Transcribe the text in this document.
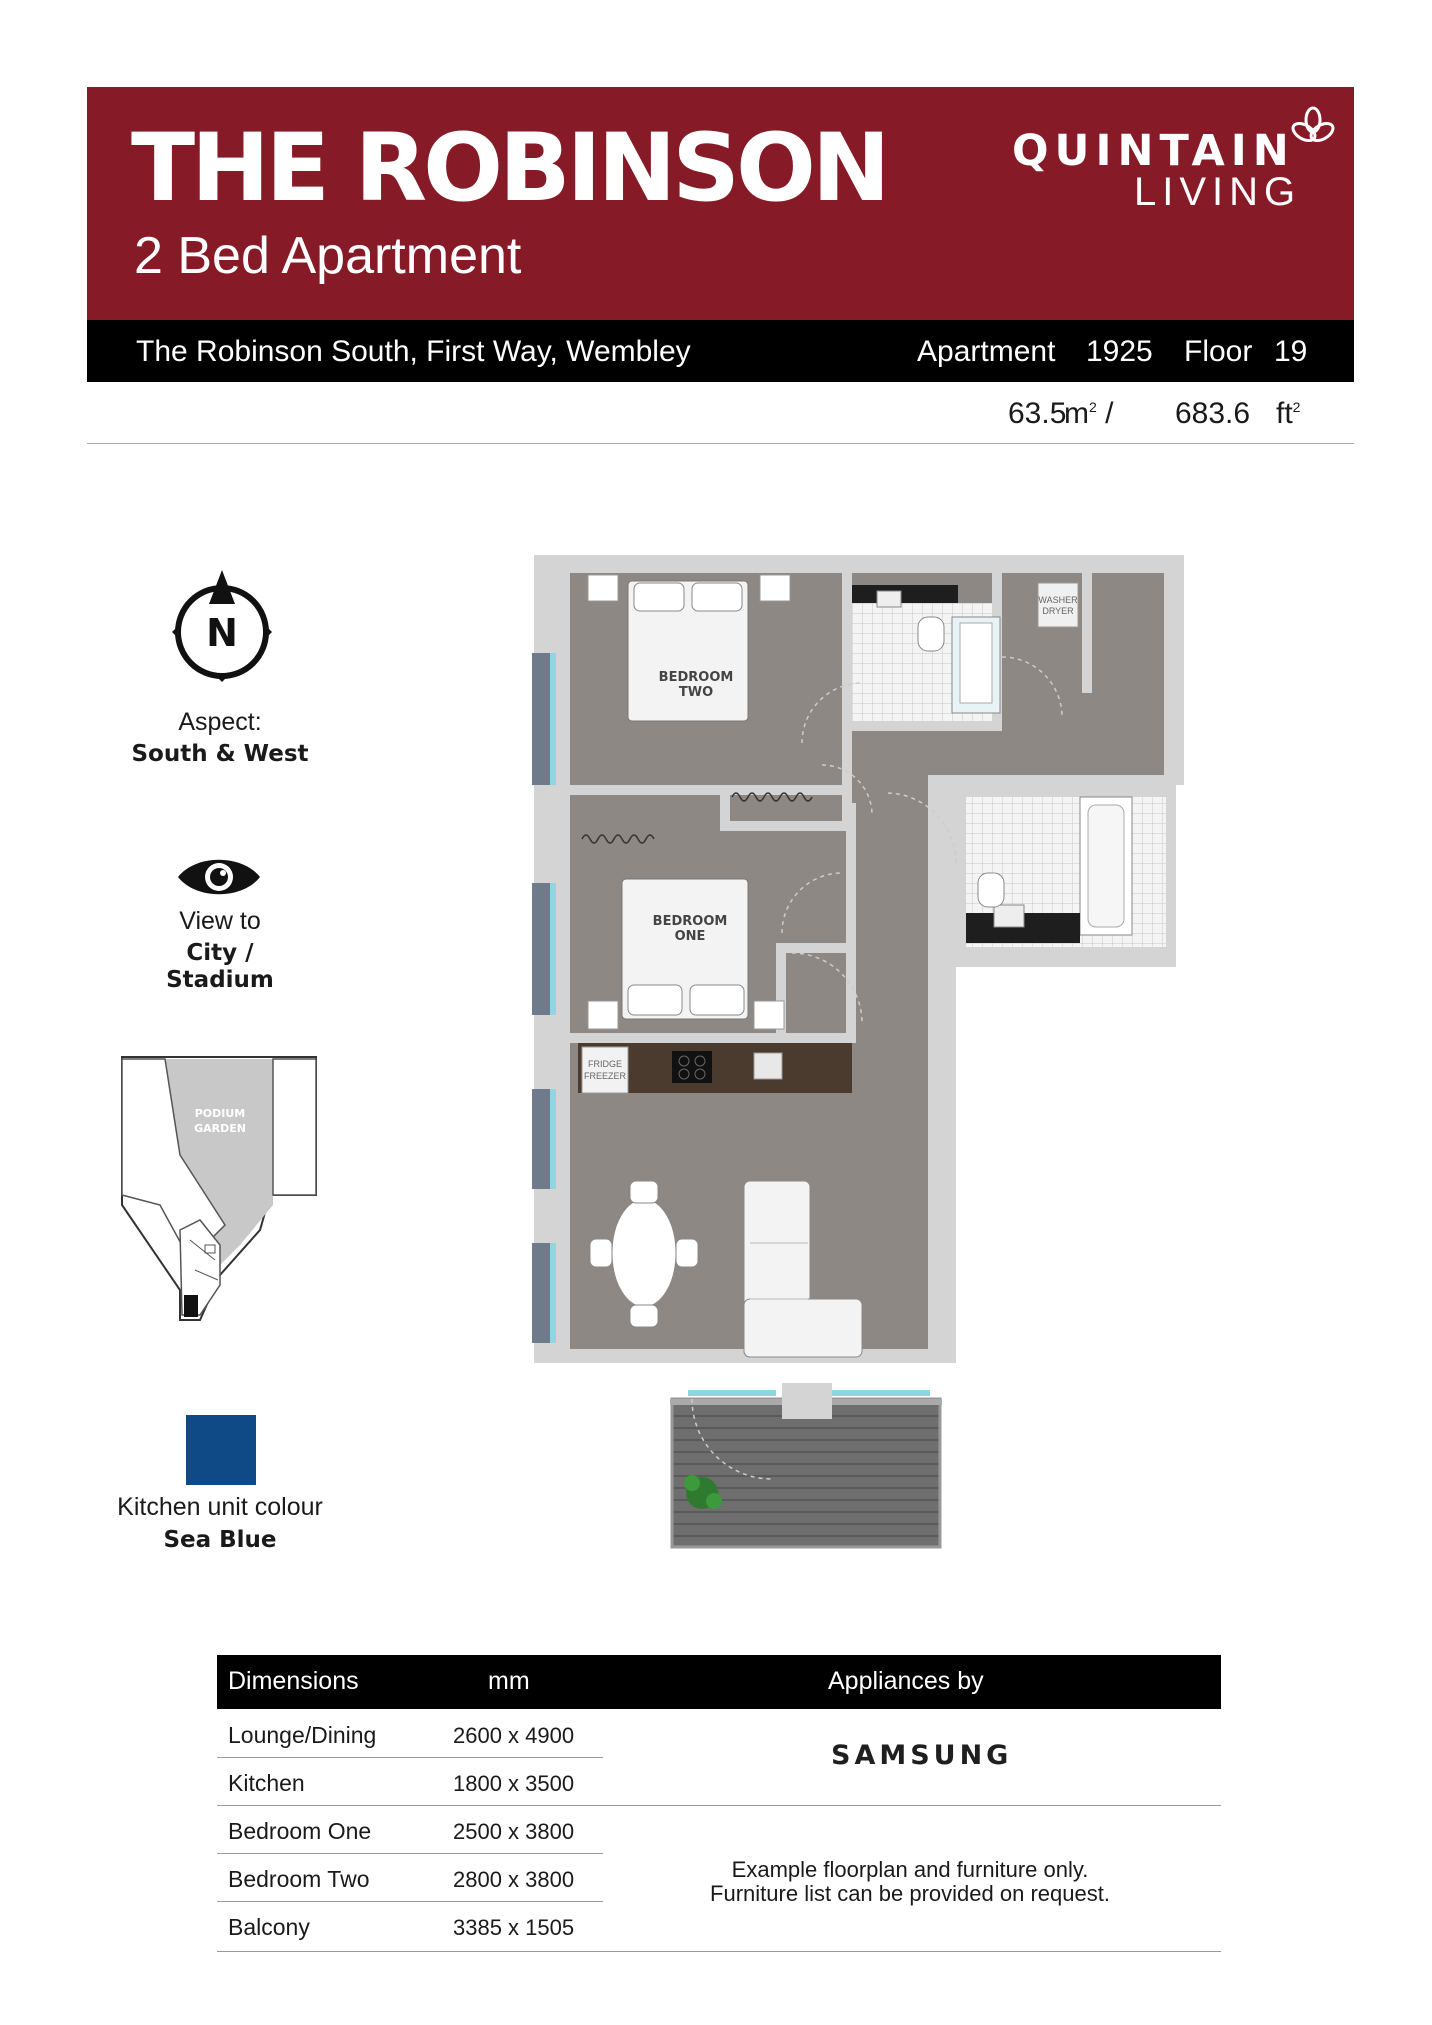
THE ROBINSON
2 Bed Apartment
QUINTAIN
LIVING
The Robinson South, First Way, Wembley	Apartment 1925 Floor 19
63.5
$m^2 / 683.6$ $ft^2$
N
Aspect:
South & West
View to
City /
Stadium
PODIUM
GARDEN
Kitchen unit colour
Sea Blue
WASHER
DRYER
BEDROOM
TWO
BEDROOM
ONE
FRIDGE
FREEZER
Dimensions	mm	Appliances by
Lounge/Dining	2600 x 4900
Kitchen	1800 x 3500
Bedroom One	2500 x 3800
Bedroom Two	2800 x 3800
Balcony	3385 x 1505
SAMSUNG
Example floorplan and furniture only.
Furniture list can be provided on request.
